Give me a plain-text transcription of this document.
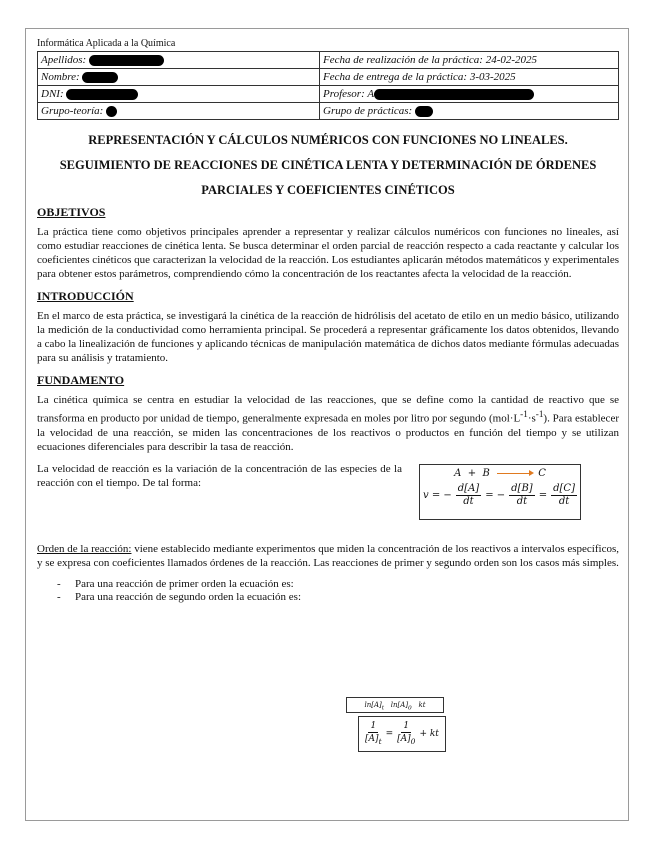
Informática Aplicada a la Química
Apellidos:	Fecha de realización de la práctica: 24-02-2025
Nombre:	Fecha de entrega de la práctica: 3-03-2025
DNI:	Profesor: A
Grupo-teoría:	Grupo de prácticas:
REPRESENTACIÓN Y CÁLCULOS NUMÉRICOS CON FUNCIONES NO LINEALES.
SEGUIMIENTO DE REACCIONES DE CINÉTICA LENTA Y DETERMINACIÓN DE ÓRDENES
PARCIALES Y COEFICIENTES CINÉTICOS
OBJETIVOS

La práctica tiene como objetivos principales aprender a representar y realizar cálculos numéricos con funciones no lineales, así como estudiar reacciones de cinética lenta. Se busca determinar el orden parcial de reacción respecto a cada reactante y calcular los coeficientes cinéticos que caracterizan la velocidad de la reacción. Los estudiantes aplicarán métodos matemáticos y experimentales para obtener estos parámetros, comprendiendo cómo la concentración de los reactantes afecta la velocidad de la reacción.

INTRODUCCIÓN

En el marco de esta práctica, se investigará la cinética de la reacción de hidrólisis del acetato de etilo en un medio básico, utilizando la medición de la conductividad como herramienta principal. Se procederá a representar gráficamente los datos obtenidos, llevando a cabo la linealización de funciones y aplicando técnicas de manipulación matemática de dichos datos mediante fórmulas adecuadas para su análisis y tratamiento.

FUNDAMENTO

La cinética química se centra en estudiar la velocidad de las reacciones, que se define como la cantidad de reactivo que se transforma en producto por unidad de tiempo, generalmente expresada en moles por litro por segundo $(mol\cdot L^{-1}\cdot s^{-1})$. Para establecer la velocidad de una reacción, se miden las concentraciones de los reactivos o productos en función del tiempo y se utilizan ecuaciones diferenciales para describir la tasa de reacción.

La velocidad de reacción es la variación de la concentración de las especies de la reacción con el tiempo. De tal forma:

A + B → C
v = − $\frac{d[A]}{dt}$ = − $\frac{d[B]}{dt} = \frac{d[C]}{dt}$

Orden de la reacción: viene establecido mediante experimentos que miden la concentración de los reactivos a intervalos específicos, y se expresa con coeficientes llamados órdenes de la reacción. Las reacciones de primer y segundo orden son los casos más simples.

- Para una reacción de primer orden la ecuación es:
- Para una reacción de segundo orden la ecuación es:
$\ln[A]_t$ $\ln[A]_0$ kt
$\frac{1}{[A]_t} = \frac{1}{[A]_0}$ + kt
